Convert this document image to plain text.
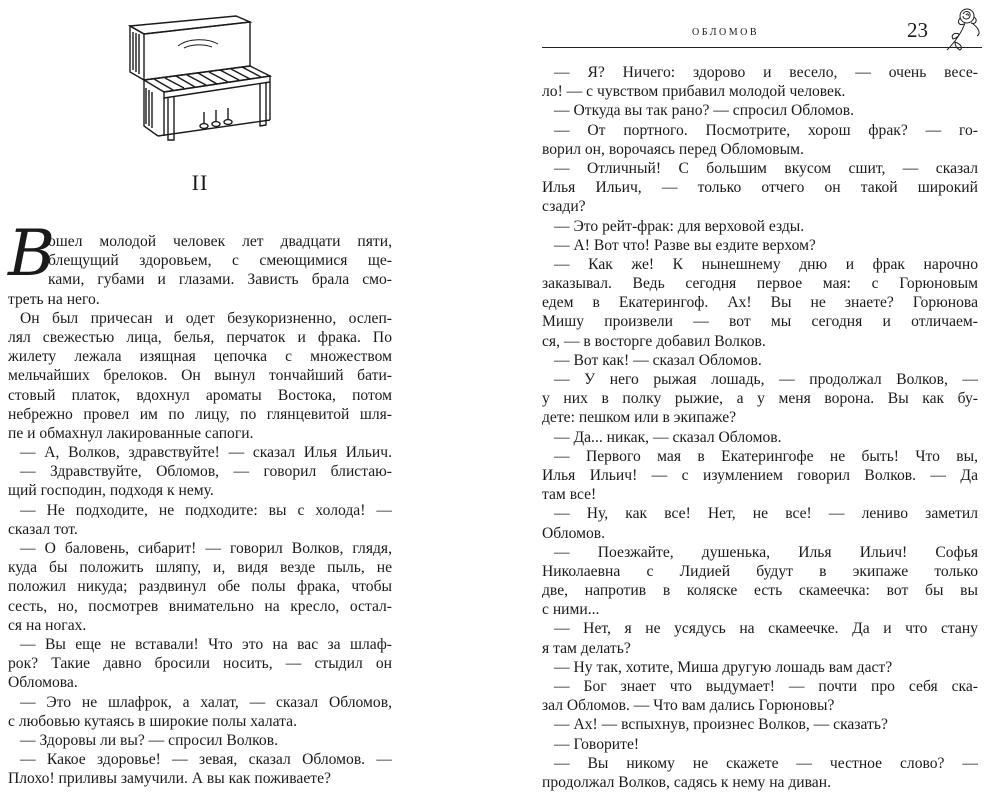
II
В
ошел молодой человек лет двадцати пяти,
блещущий здоровьем, с смеющимися ще-
ками, губами и глазами. Зависть брала смо-
треть на него.
Он был причесан и одет безукоризненно, ослеп-
лял свежестью лица, белья, перчаток и фрака. По
жилету лежала изящная цепочка с множеством
мельчайших брелоков. Он вынул тончайший бати-
стовый платок, вдохнул ароматы Востока, потом
небрежно провел им по лицу, по глянцевитой шля-
пе и обмахнул лакированные сапоги.
— А, Волков, здравствуйте! — сказал Илья Ильич.
— Здравствуйте, Обломов, — говорил блистаю-
щий господин, подходя к нему.
— Не подходите, не подходите: вы с холода! —
сказал тот.
— О баловень, сибарит! — говорил Волков, глядя,
куда бы положить шляпу, и, видя везде пыль, не
положил никуда; раздвинул обе полы фрака, чтобы
сесть, но, посмотрев внимательно на кресло, остал-
ся на ногах.
— Вы еще не вставали! Что это на вас за шлаф-
рок? Такие давно бросили носить, — стыдил он
Обломова.
— Это не шлафрок, а халат, — сказал Обломов,
с любовью кутаясь в широкие полы халата.
— Здоровы ли вы? — спросил Волков.
— Какое здоровье! — зевая, сказал Обломов. —
Плохо! приливы замучили. А вы как поживаете?
обломов	23
— Я? Ничего: здорово и весело, — очень весе-
ло! — с чувством прибавил молодой человек.
— Откуда вы так рано? — спросил Обломов.
— От портного. Посмотрите, хорош фрак? — го-
ворил он, ворочаясь перед Обломовым.
— Отличный! С большим вкусом сшит, — сказал
Илья Ильич, — только отчего он такой широкий
сзади?
— Это рейт-фрак: для верховой езды.
— А! Вот что! Разве вы ездите верхом?
— Как же! К нынешнему дню и фрак нарочно
заказывал. Ведь сегодня первое мая: с Горюновым
едем в Екатерингоф. Ах! Вы не знаете? Горюнова
Мишу произвели — вот мы сегодня и отличаем-
ся, — в восторге добавил Волков.
— Вот как! — сказал Обломов.
— У него рыжая лошадь, — продолжал Волков, —
у них в полку рыжие, а у меня ворона. Вы как бу-
дете: пешком или в экипаже?
— Да... никак, — сказал Обломов.
— Первого мая в Екатерингофе не быть! Что вы,
Илья Ильич! — с изумлением говорил Волков. — Да
там все!
— Ну, как все! Нет, не все! — лениво заметил
Обломов.
— Поезжайте, душенька, Илья Ильич! Софья
Николаевна с Лидией будут в экипаже только
две, напротив в коляске есть скамеечка: вот бы вы
с ними...
— Нет, я не усядусь на скамеечке. Да и что стану
я там делать?
— Ну так, хотите, Миша другую лошадь вам даст?
— Бог знает что выдумает! — почти про себя ска-
зал Обломов. — Что вам дались Горюновы?
— Ах! — вспыхнув, произнес Волков, — сказать?
— Говорите!
— Вы никому не скажете — честное слово? —
продолжал Волков, садясь к нему на диван.
